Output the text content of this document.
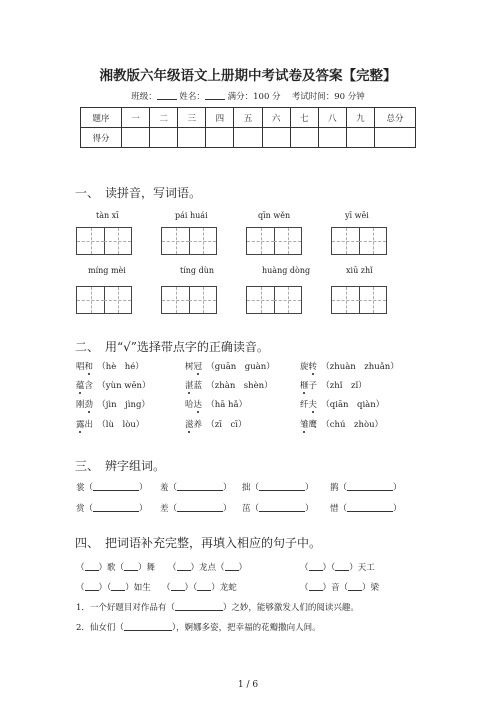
湘教版六年级语文上册期中考试卷及答案【完整】
班级：	姓名：	满分：100 分　 考试时间：90 分钟
题序	一	二	三	四	五	六	七	八	九	总分
得分										
一、　读拼音，写词语。
tàn xī	pái huái	qīn wěn	yī wēi
míng mèi	tíng dùn	huàng dòng	xiū zhǐ
二、　用“√”选择带点字的正确读音。
唱和　 （hè　hé）	树冠　 （guān　guàn）	旋转　 （zhuàn　zhuǎn）
蕴含　 （yùn wēn）	湛蓝　 （zhàn　shèn）	榧子　 （zhǐ　zǐ）
刚劲　 （jìn　jìng）	哈达　 （hā hǎ）	纤夫　 （qiān　qiàn）
露出　 （lù　lòu）	滋养　 （zī　cī）	雏鹰　 （chú　zhòu）
三、　辨字组词。
裳（	） 羞（	） 拙（	） 鹊（	）
赏（	） 差（	） 茁（	） 惜（	）
四、　把词语补充完整，再填入相应的句子中。
（ ）歌（ ）舞 （ ）龙点（ ）	（ ）（ ）天工
（ ）（ ）如生 （ ）（ ）龙蛇	（ ）音（ ）梁
1．一个好题目对作品有（	）之妙，能够激发人们的阅读兴趣。
2．仙女们（	），婀娜多姿，把幸福的花瓣撒向人间。
1 / 6
